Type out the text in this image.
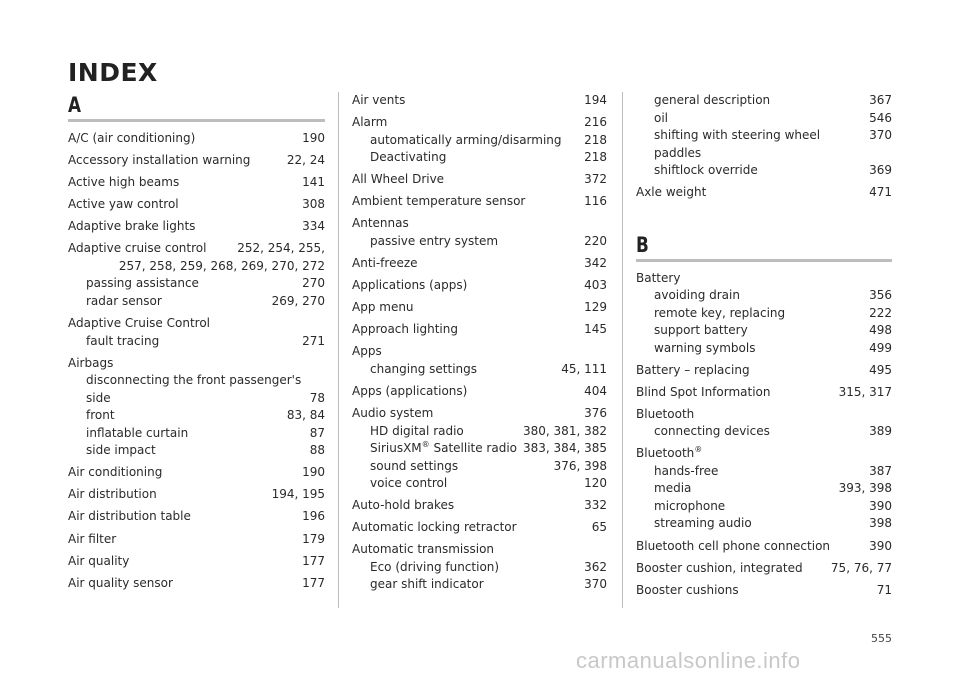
INDEX
A
A/C (air conditioning)	190
Accessory installation warning	22, 24
Active high beams	141
Active yaw control	308
Adaptive brake lights	334
Adaptive cruise control	252, 254, 255,
257, 258, 259, 268, 269, 270, 272
passing assistance	270
radar sensor	269, 270
Adaptive Cruise Control
fault tracing	271
Airbags
disconnecting the front passenger's
side	78
front	83, 84
inflatable curtain	87
side impact	88
Air conditioning	190
Air distribution	194, 195
Air distribution table	196
Air filter	179
Air quality	177
Air quality sensor	177
Air vents	194
Alarm	216
automatically arming/disarming	218
Deactivating	218
All Wheel Drive	372
Ambient temperature sensor	116
Antennas
passive entry system	220
Anti-freeze	342
Applications (apps)	403
App menu	129
Approach lighting	145
Apps
changing settings	45, 111
Apps (applications)	404
Audio system	376
HD digital radio	380, 381, 382
SiriusXM® Satellite radio 383, 384, 385
sound settings	376, 398
voice control	120
Auto-hold brakes	332
Automatic locking retractor	65
Automatic transmission
Eco (driving function)	362
gear shift indicator	370
general description	367
oil	546
shifting with steering wheel paddles
370
shiftlock override	369
Axle weight	471
B
Battery
avoiding drain	356
remote key, replacing	222
support battery	498
warning symbols	499
Battery – replacing	495
Blind Spot Information	315, 317
Bluetooth
connecting devices	389
Bluetooth®
hands-free	387
media	393, 398
microphone	390
streaming audio	398
Bluetooth cell phone connection	390
Booster cushion, integrated	75, 76, 77
Booster cushions	71
555
carmanualsonline.info
